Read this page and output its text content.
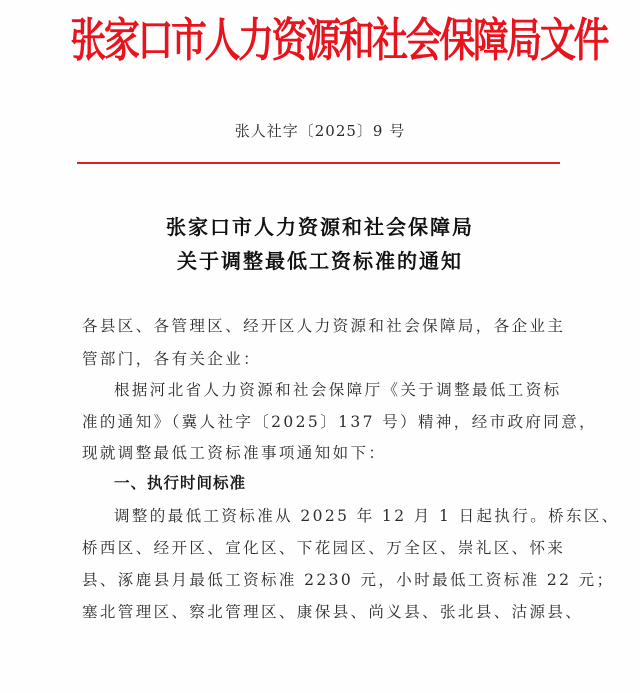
张家口市人力资源和社会保障局文件
张人社字〔2025〕9 号
张家口市人力资源和社会保障局
关于调整最低工资标准的通知
各县区、各管理区、经开区人力资源和社会保障局，各企业主
管部门，各有关企业：
根据河北省人力资源和社会保障厅《关于调整最低工资标
准的通知》（冀人社字〔2025〕137 号）精神，经市政府同意，
现就调整最低工资标准事项通知如下：
一、执行时间标准
调整的最低工资标准从 2025 年 12 月 1 日起执行。桥东区、
桥西区、经开区、宣化区、下花园区、万全区、崇礼区、怀来
县、涿鹿县月最低工资标准 2230 元，小时最低工资标准 22 元；
塞北管理区、察北管理区、康保县、尚义县、张北县、沽源县、
